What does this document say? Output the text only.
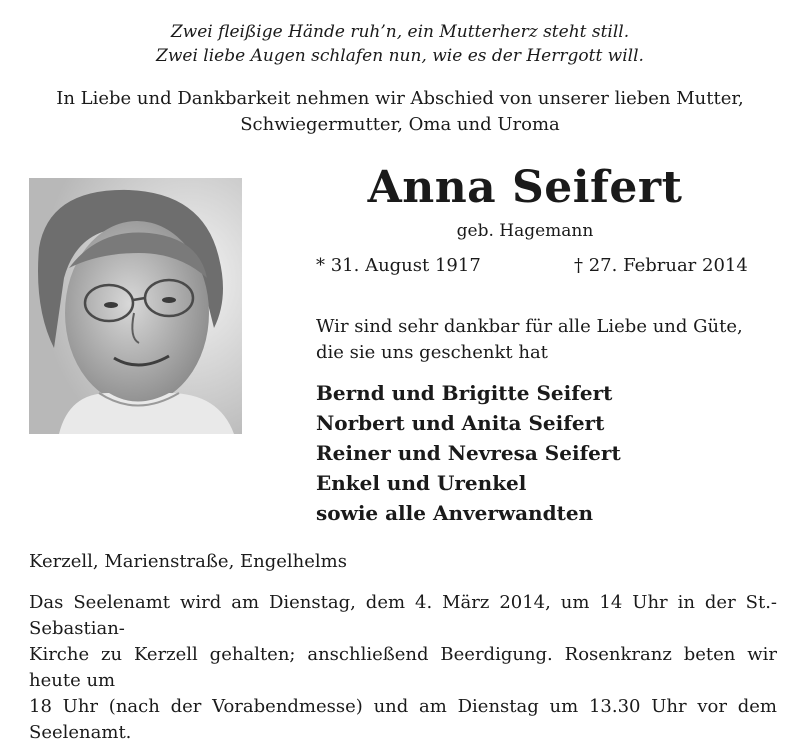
Zwei fleißige Hände ruh’n, ein Mutterherz steht still.
Zwei liebe Augen schlafen nun, wie es der Herrgott will.
In Liebe und Dankbarkeit nehmen wir Abschied von unserer lieben Mutter,
Schwiegermutter, Oma und Uroma
Anna Seifert
geb. Hagemann
* 31. August 1917	† 27. Februar 2014
Wir sind sehr dankbar für alle Liebe und Güte,
die sie uns geschenkt hat
Bernd und Brigitte Seifert
Norbert und Anita Seifert
Reiner und Nevresa Seifert
Enkel und Urenkel
sowie alle Anverwandten
Kerzell, Marienstraße, Engelhelms
Das Seelenamt wird am Dienstag, dem 4. März 2014, um 14 Uhr in der St.-Sebastian-
Kirche zu Kerzell gehalten; anschließend Beerdigung. Rosenkranz beten wir heute um
18 Uhr (nach der Vorabendmesse) und am Dienstag um 13.30 Uhr vor dem Seelenamt.
